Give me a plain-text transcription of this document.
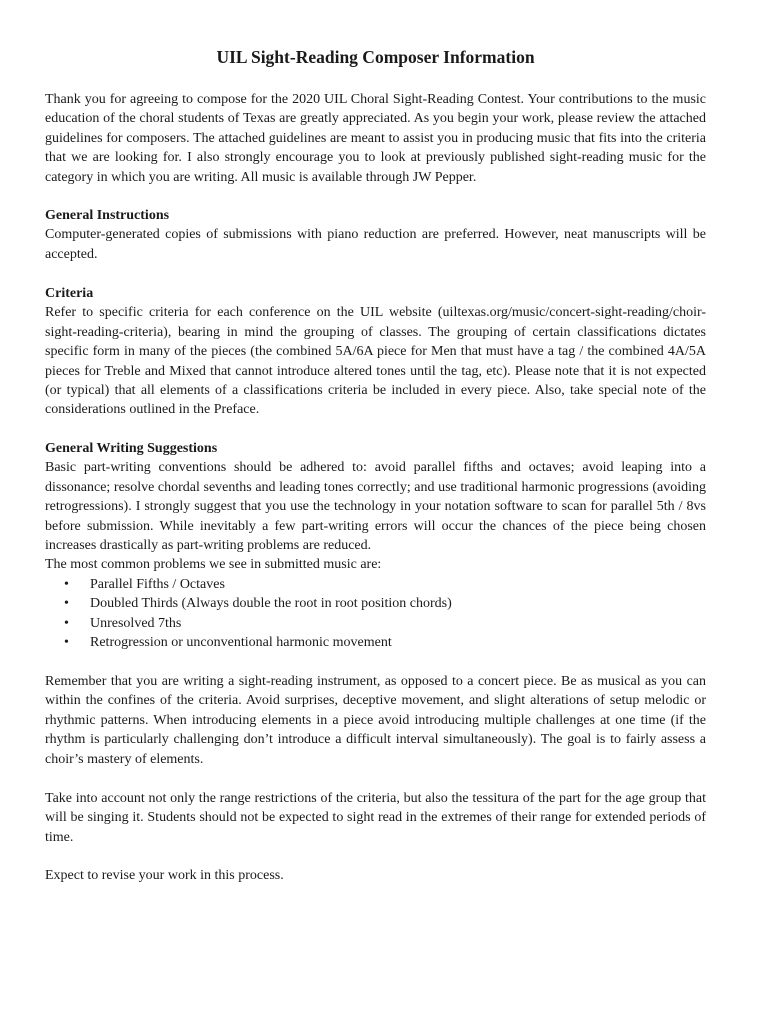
UIL Sight-Reading Composer Information

Thank you for agreeing to compose for the 2020 UIL Choral Sight-Reading Contest. Your contributions to the music education of the choral students of Texas are greatly appreciated. As you begin your work, please review the attached guidelines for composers. The attached guidelines are meant to assist you in producing music that fits into the criteria that we are looking for. I also strongly encourage you to look at previously published sight-reading music for the category in which you are writing. All music is available through JW Pepper.

General Instructions
Computer-generated copies of submissions with piano reduction are preferred. However, neat manuscripts will be accepted.
Criteria
Refer to specific criteria for each conference on the UIL website (uiltexas.org/music/concert-sight-reading/choir-sight-reading-criteria), bearing in mind the grouping of classes. The grouping of certain classifications dictates specific form in many of the pieces (the combined 5A/6A piece for Men that must have a tag / the combined 4A/5A pieces for Treble and Mixed that cannot introduce altered tones until the tag, etc). Please note that it is not expected (or typical) that all elements of a classifications criteria be included in every piece. Also, take special note of the considerations outlined in the Preface.
General Writing Suggestions
Basic part-writing conventions should be adhered to: avoid parallel fifths and octaves; avoid leaping into a dissonance; resolve chordal sevenths and leading tones correctly; and use traditional harmonic progressions (avoiding retrogressions). I strongly suggest that you use the technology in your notation software to scan for parallel 5th / 8vs before submission. While inevitably a few part-writing errors will occur the chances of the piece being chosen increases drastically as part-writing problems are reduced.
The most common problems we see in submitted music are:
• Parallel Fifths / Octaves
• Doubled Thirds (Always double the root in root position chords)
• Unresolved 7ths
• Retrogression or unconventional harmonic movement

Remember that you are writing a sight-reading instrument, as opposed to a concert piece. Be as musical as you can within the confines of the criteria. Avoid surprises, deceptive movement, and slight alterations of setup melodic or rhythmic patterns. When introducing elements in a piece avoid introducing multiple challenges at one time (if the rhythm is particularly challenging don’t introduce a difficult interval simultaneously). The goal is to fairly assess a choir’s mastery of elements.

Take into account not only the range restrictions of the criteria, but also the tessitura of the part for the age group that will be singing it. Students should not be expected to sight read in the extremes of their range for extended periods of time.

Expect to revise your work in this process.
